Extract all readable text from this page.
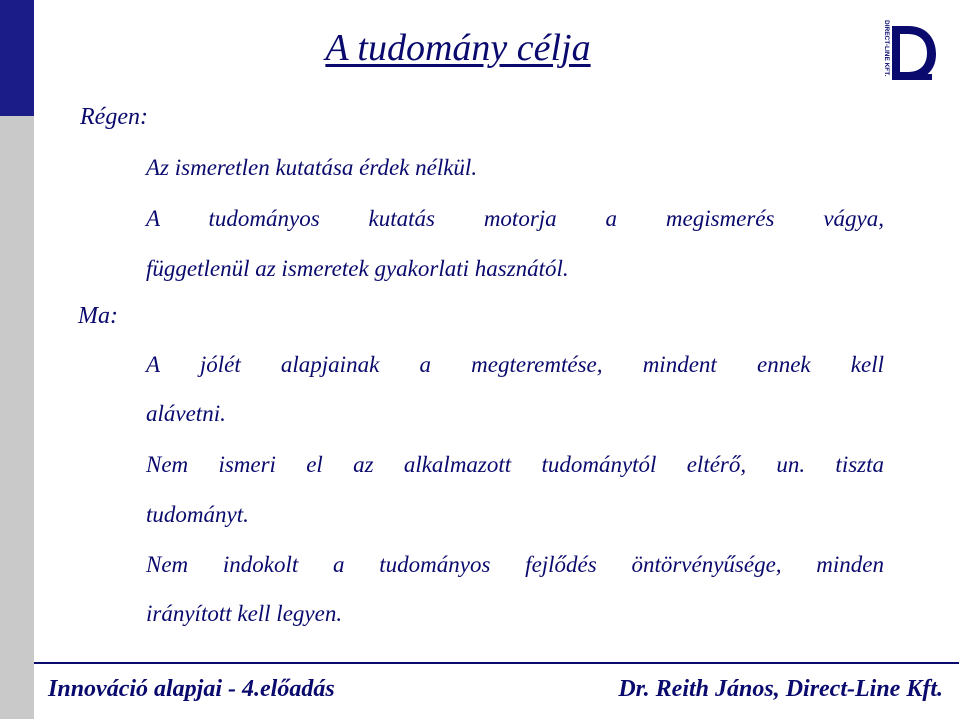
A tudomány célja	DIRECT-LINE KFT.
Régen:
Az ismeretlen kutatása érdek nélkül.
A tudományos kutatás motorja a megismerés vágya,
függetlenül az ismeretek gyakorlati hasznától.
Ma:
A jólét alapjainak a megteremtése, mindent ennek kell
alávetni.
Nem ismeri el az alkalmazott tudománytól eltérő, un. tiszta
tudományt.
Nem indokolt a tudományos fejlődés öntörvényűsége, minden
irányított kell legyen.
Innováció alapjai - 4.előadás	Dr. Reith János, Direct-Line Kft.
